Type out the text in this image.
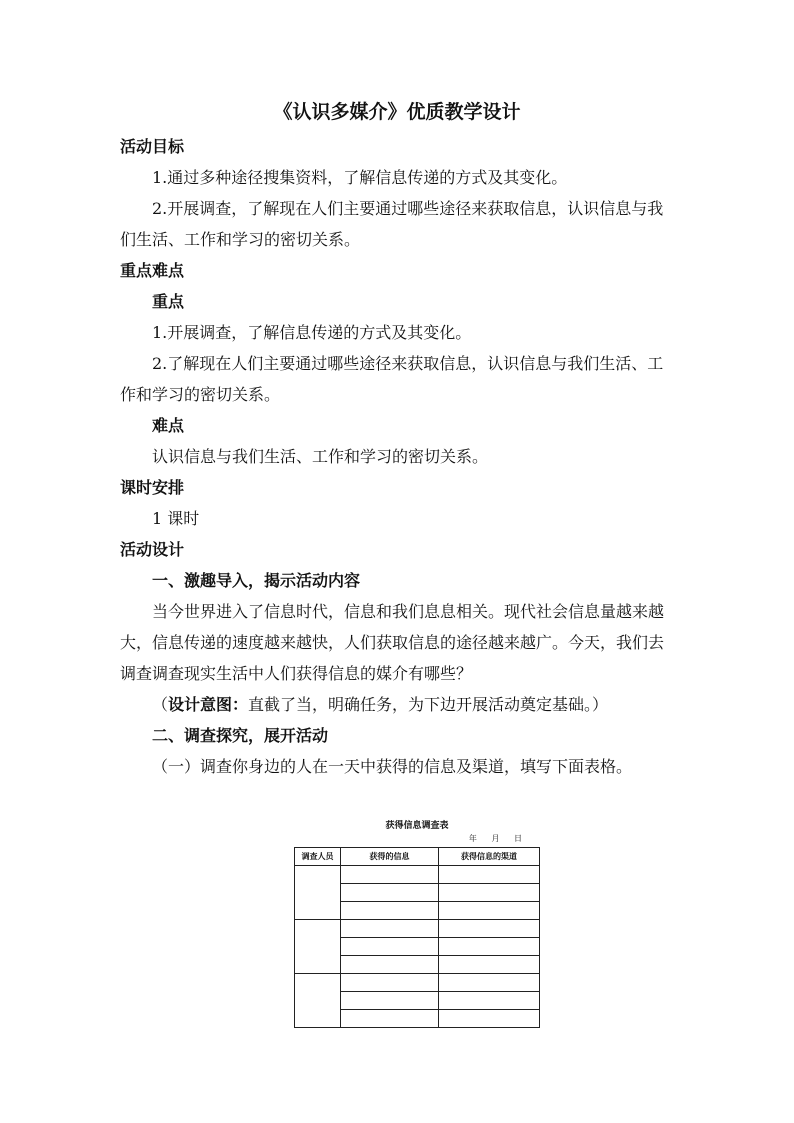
《认识多媒介》优质教学设计
活动目标
1.通过多种途径搜集资料，了解信息传递的方式及其变化。
2.开展调查，了解现在人们主要通过哪些途径来获取信息，认识信息与我
们生活、工作和学习的密切关系。
重点难点
重点
1.开展调查，了解信息传递的方式及其变化。
2.了解现在人们主要通过哪些途径来获取信息，认识信息与我们生活、工
作和学习的密切关系。
难点
认识信息与我们生活、工作和学习的密切关系。
课时安排
1 课时
活动设计
一、激趣导入，揭示活动内容
当今世界进入了信息时代，信息和我们息息相关。现代社会信息量越来越
大，信息传递的速度越来越快，人们获取信息的途径越来越广。今天，我们去
调查调查现实生活中人们获得信息的媒介有哪些？
（设计意图：直截了当，明确任务，为下边开展活动奠定基础。）
二、调查探究，展开活动
（一）调查你身边的人在一天中获得的信息及渠道，填写下面表格。
获得信息调查表
年 月 日
调查人员	获得的信息	获得信息的渠道
